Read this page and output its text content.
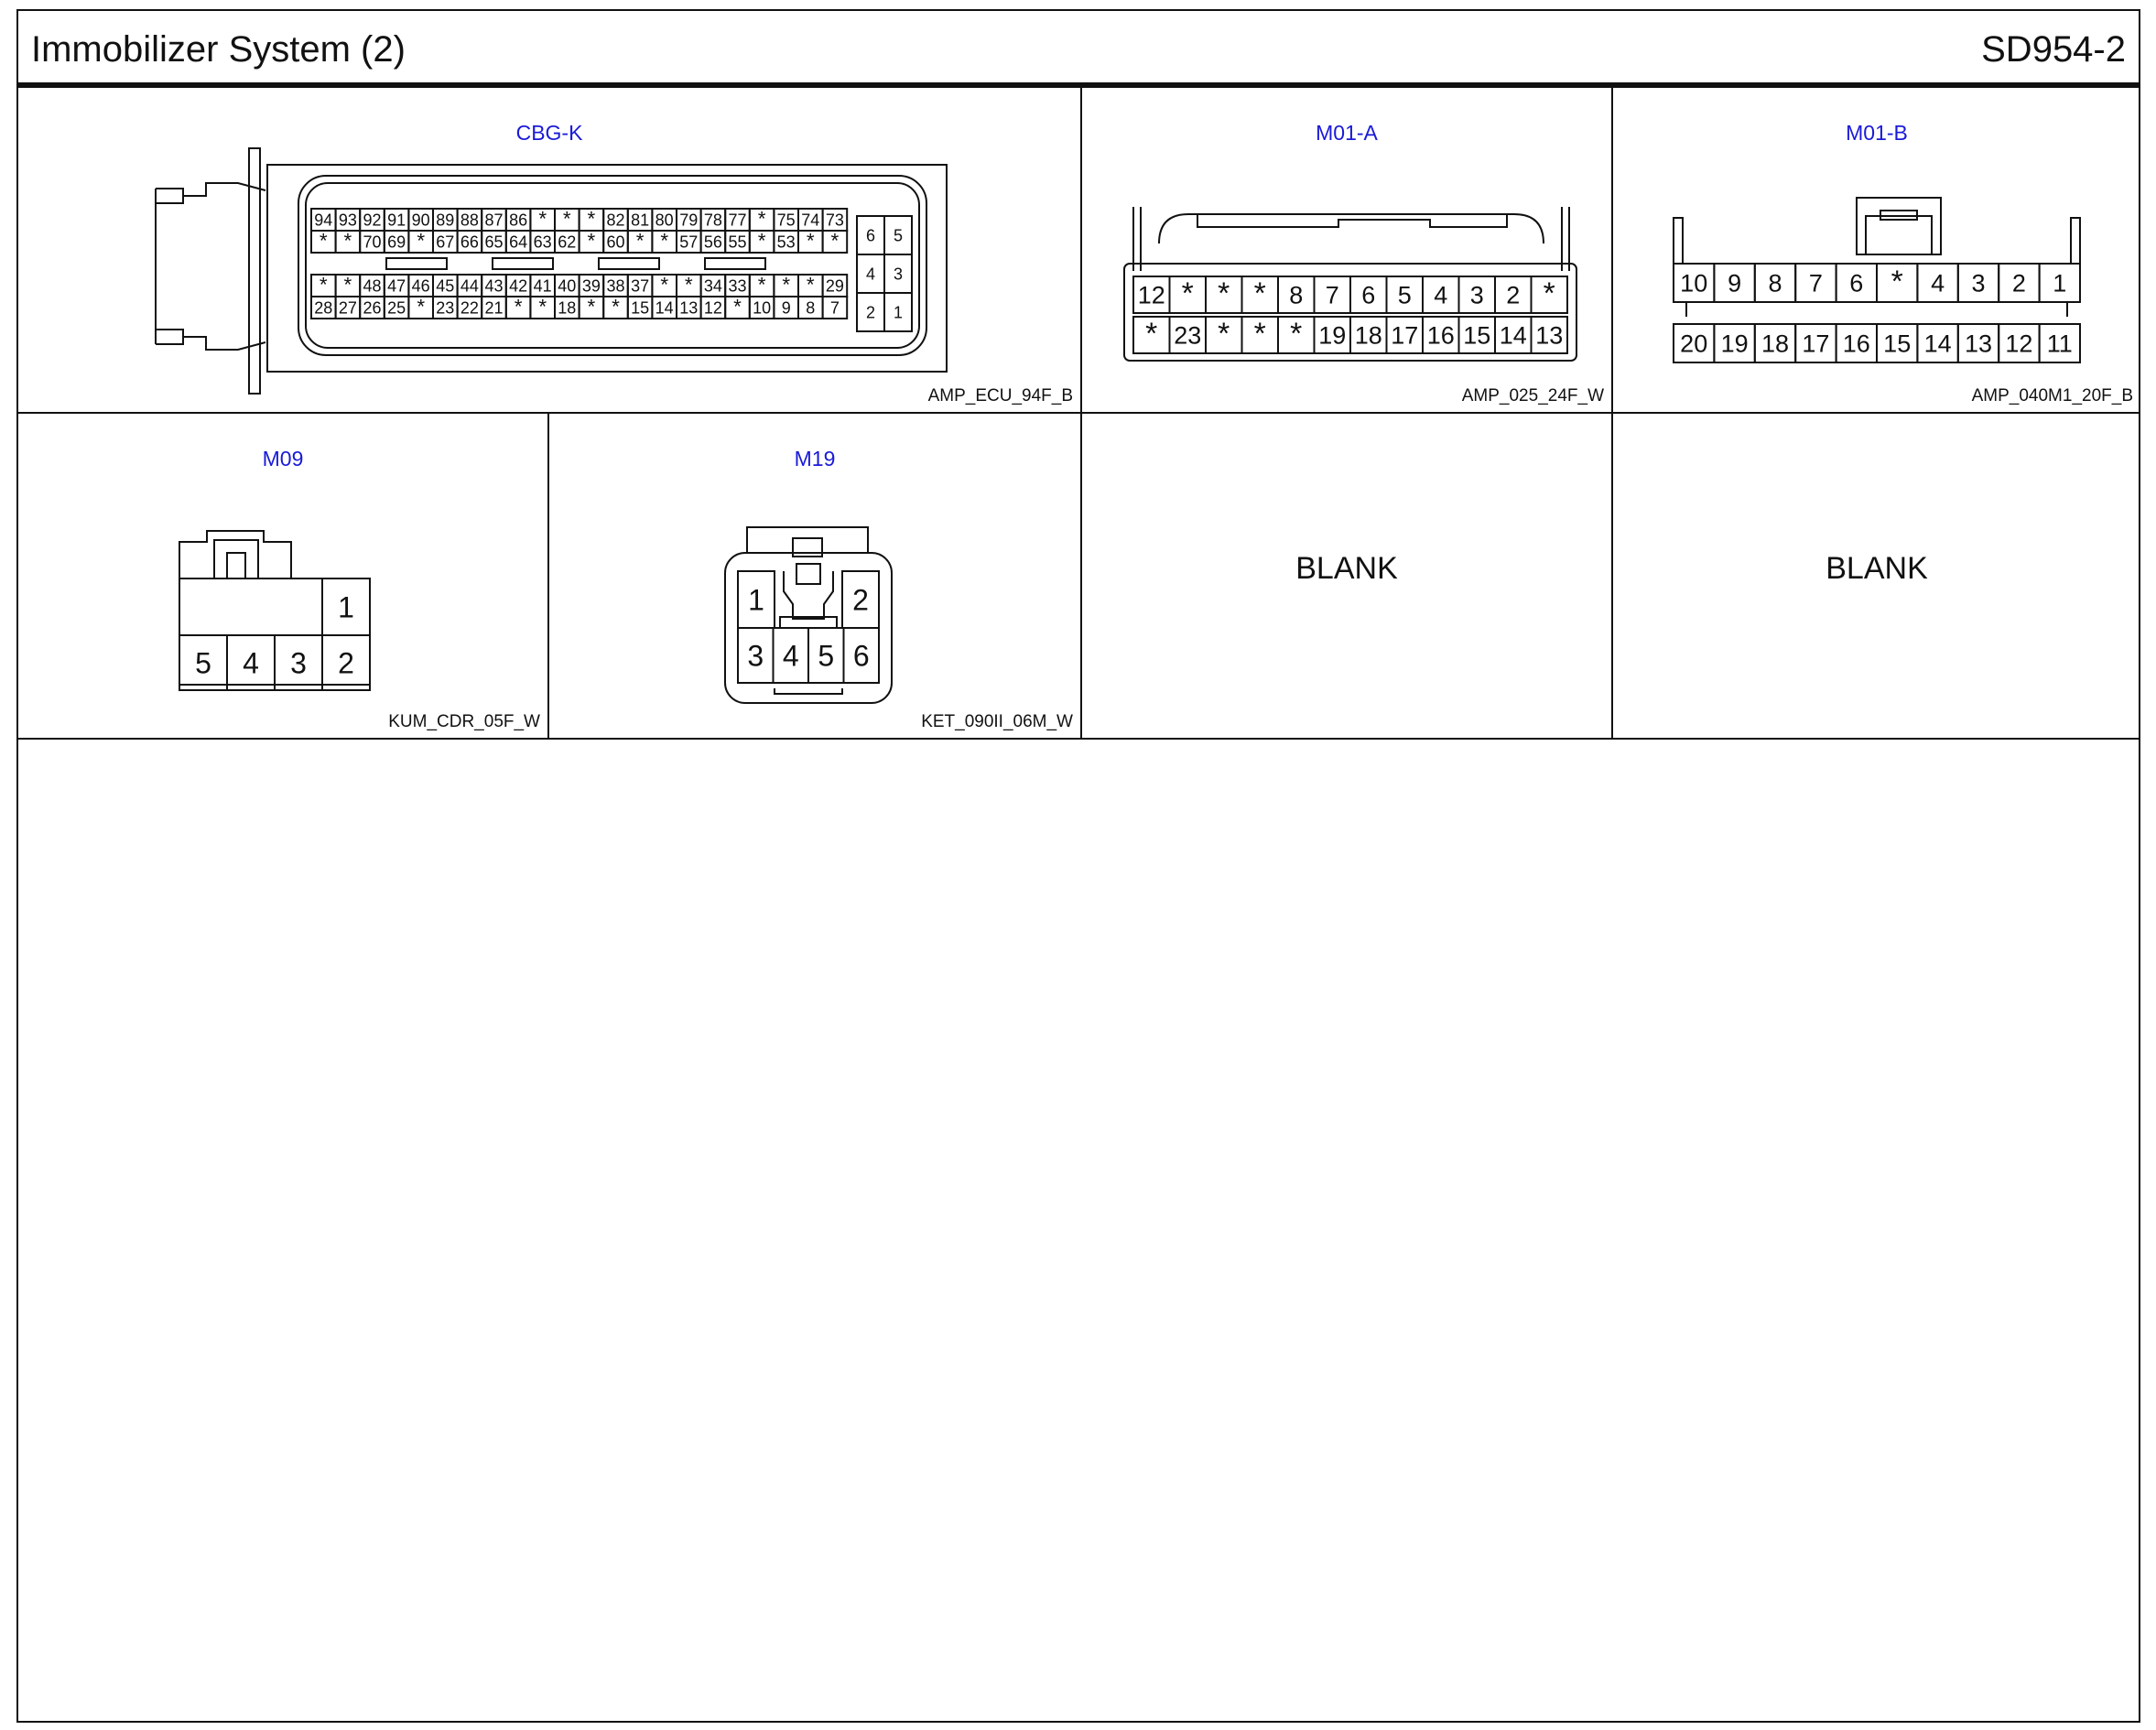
Immobilizer System (2)	SD954-2
CBG-K
94 93 92 91 90 89 88 87 86 * * * 82 81 80 79 78 77 * 75 74 73
* * 70 69 * 67 66 65 64 63 62 * 60 * * 57 56 55 * 53 * *
* * 48 47 46 45 44 43 42 41 40 39 38 37 * * 34 33 * * * 29
28 27 26 25 * 23 22 21 * * 18 * * 15 14 13 12 * 10 9 8 7
6 5
4 3
2 1
AMP_ECU_94F_B
M01-A
12 * * * 8 7 6 5 4 3 2 *
* 23 * * * 19 18 17 16 15 14 13
AMP_025_24F_W
M01-B
10 9 8 7 6 * 4 3 2 1
20 19 18 17 16 15 14 13 12 11
AMP_040M1_20F_B
M09
1
5 4 3 2
KUM_CDR_05F_W
M19
1	2
3 4 5 6
KET_090II_06M_W
BLANK	BLANK
